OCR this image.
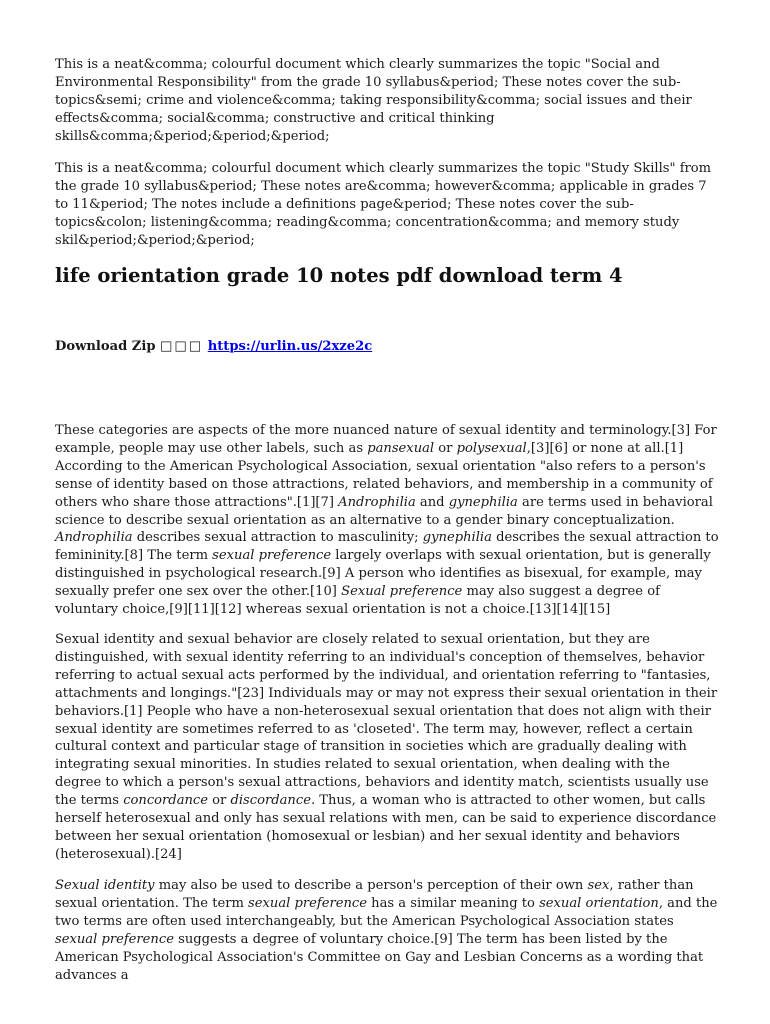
This is a neat&comma; colourful document which clearly summarizes the topic "Social and Environmental Responsibility" from the grade 10 syllabus&period; These notes cover the sub-topics&semi; crime and violence&comma; taking responsibility&comma; social issues and their effects&comma; social&comma; constructive and critical thinking skills&comma;&period;&period;&period;

This is a neat&comma; colourful document which clearly summarizes the topic "Study Skills" from the grade 10 syllabus&period; These notes are&comma; however&comma; applicable in grades 7 to 11&period; The notes include a definitions page&period; These notes cover the sub-topics&colon; listening&comma; reading&comma; concentration&comma; and memory study skil&period;&period;&period;

life orientation grade 10 notes pdf download term 4
Download Zip □□□ https://urlin.us/2xze2c

These categories are aspects of the more nuanced nature of sexual identity and terminology.[3] For example, people may use other labels, such as pansexual or polysexual,[3][6] or none at all.[1] According to the American Psychological Association, sexual orientation "also refers to a person's sense of identity based on those attractions, related behaviors, and membership in a community of others who share those attractions".[1][7] Androphilia and gynephilia are terms used in behavioral science to describe sexual orientation as an alternative to a gender binary conceptualization. Androphilia describes sexual attraction to masculinity; gynephilia describes the sexual attraction to femininity.[8] The term sexual preference largely overlaps with sexual orientation, but is generally distinguished in psychological research.[9] A person who identifies as bisexual, for example, may sexually prefer one sex over the other.[10] Sexual preference may also suggest a degree of voluntary choice,[9][11][12] whereas sexual orientation is not a choice.[13][14][15]

Sexual identity and sexual behavior are closely related to sexual orientation, but they are distinguished, with sexual identity referring to an individual's conception of themselves, behavior referring to actual sexual acts performed by the individual, and orientation referring to "fantasies, attachments and longings."[23] Individuals may or may not express their sexual orientation in their behaviors.[1] People who have a non-heterosexual sexual orientation that does not align with their sexual identity are sometimes referred to as 'closeted'. The term may, however, reflect a certain cultural context and particular stage of transition in societies which are gradually dealing with integrating sexual minorities. In studies related to sexual orientation, when dealing with the degree to which a person's sexual attractions, behaviors and identity match, scientists usually use the terms concordance or discordance. Thus, a woman who is attracted to other women, but calls herself heterosexual and only has sexual relations with men, can be said to experience discordance between her sexual orientation (homosexual or lesbian) and her sexual identity and behaviors (heterosexual).[24]

Sexual identity may also be used to describe a person's perception of their own sex, rather than sexual orientation. The term sexual preference has a similar meaning to sexual orientation, and the two terms are often used interchangeably, but the American Psychological Association states sexual preference suggests a degree of voluntary choice.[9] The term has been listed by the American Psychological Association's Committee on Gay and Lesbian Concerns as a wording that advances a
